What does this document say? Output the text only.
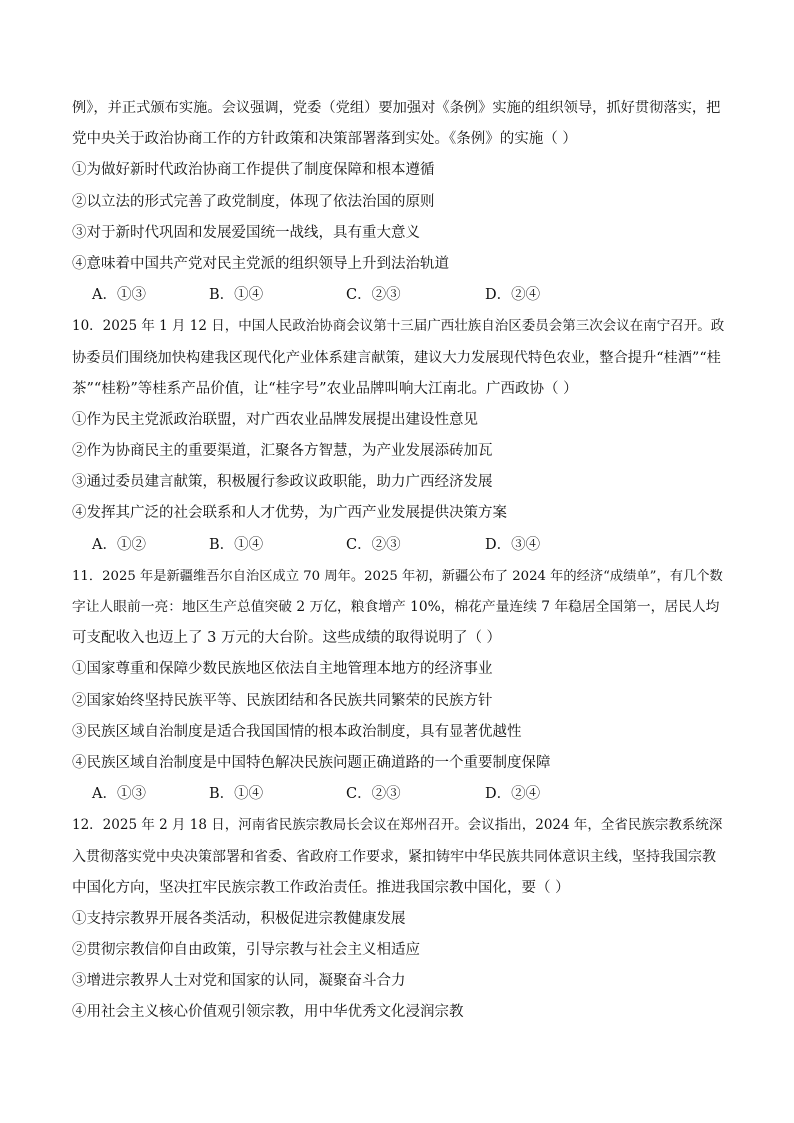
例》，并正式颁布实施。会议强调，党委（党组）要加强对《条例》实施的组织领导，抓好贯彻落实，把
党中央关于政治协商工作的方针政策和决策部署落到实处。《条例》的实施（ ）
①为做好新时代政治协商工作提供了制度保障和根本遵循
②以立法的形式完善了政党制度，体现了依法治国的原则
③对于新时代巩固和发展爱国统一战线，具有重大意义
④意味着中国共产党对民主党派的组织领导上升到法治轨道
A．①③	B．①④	C．②③	D．②④
10．2025 年 1 月 12 日，中国人民政治协商会议第十三届广西壮族自治区委员会第三次会议在南宁召开。政
协委员们围绕加快构建我区现代化产业体系建言献策，建议大力发展现代特色农业，整合提升“桂酒”“桂
茶”“桂粉”等桂系产品价值，让“桂字号”农业品牌叫响大江南北。广西政协（ ）
①作为民主党派政治联盟，对广西农业品牌发展提出建设性意见
②作为协商民主的重要渠道，汇聚各方智慧，为产业发展添砖加瓦
③通过委员建言献策，积极履行参政议政职能，助力广西经济发展
④发挥其广泛的社会联系和人才优势，为广西产业发展提供决策方案
A．①②	B．①④	C．②③	D．③④
11．2025 年是新疆维吾尔自治区成立 70 周年。2025 年初，新疆公布了 2024 年的经济“成绩单”，有几个数
字让人眼前一亮：地区生产总值突破 2 万亿，粮食增产 10%，棉花产量连续 7 年稳居全国第一，居民人均
可支配收入也迈上了 3 万元的大台阶。这些成绩的取得说明了（ ）
①国家尊重和保障少数民族地区依法自主地管理本地方的经济事业
②国家始终坚持民族平等、民族团结和各民族共同繁荣的民族方针
③民族区域自治制度是适合我国国情的根本政治制度，具有显著优越性
④民族区域自治制度是中国特色解决民族问题正确道路的一个重要制度保障
A．①③	B．①④	C．②③	D．②④
12．2025 年 2 月 18 日，河南省民族宗教局长会议在郑州召开。会议指出，2024 年，全省民族宗教系统深
入贯彻落实党中央决策部署和省委、省政府工作要求，紧扣铸牢中华民族共同体意识主线，坚持我国宗教
中国化方向，坚决扛牢民族宗教工作政治责任。推进我国宗教中国化，要（ ）
①支持宗教界开展各类活动，积极促进宗教健康发展
②贯彻宗教信仰自由政策，引导宗教与社会主义相适应
③增进宗教界人士对党和国家的认同，凝聚奋斗合力
④用社会主义核心价值观引领宗教，用中华优秀文化浸润宗教
